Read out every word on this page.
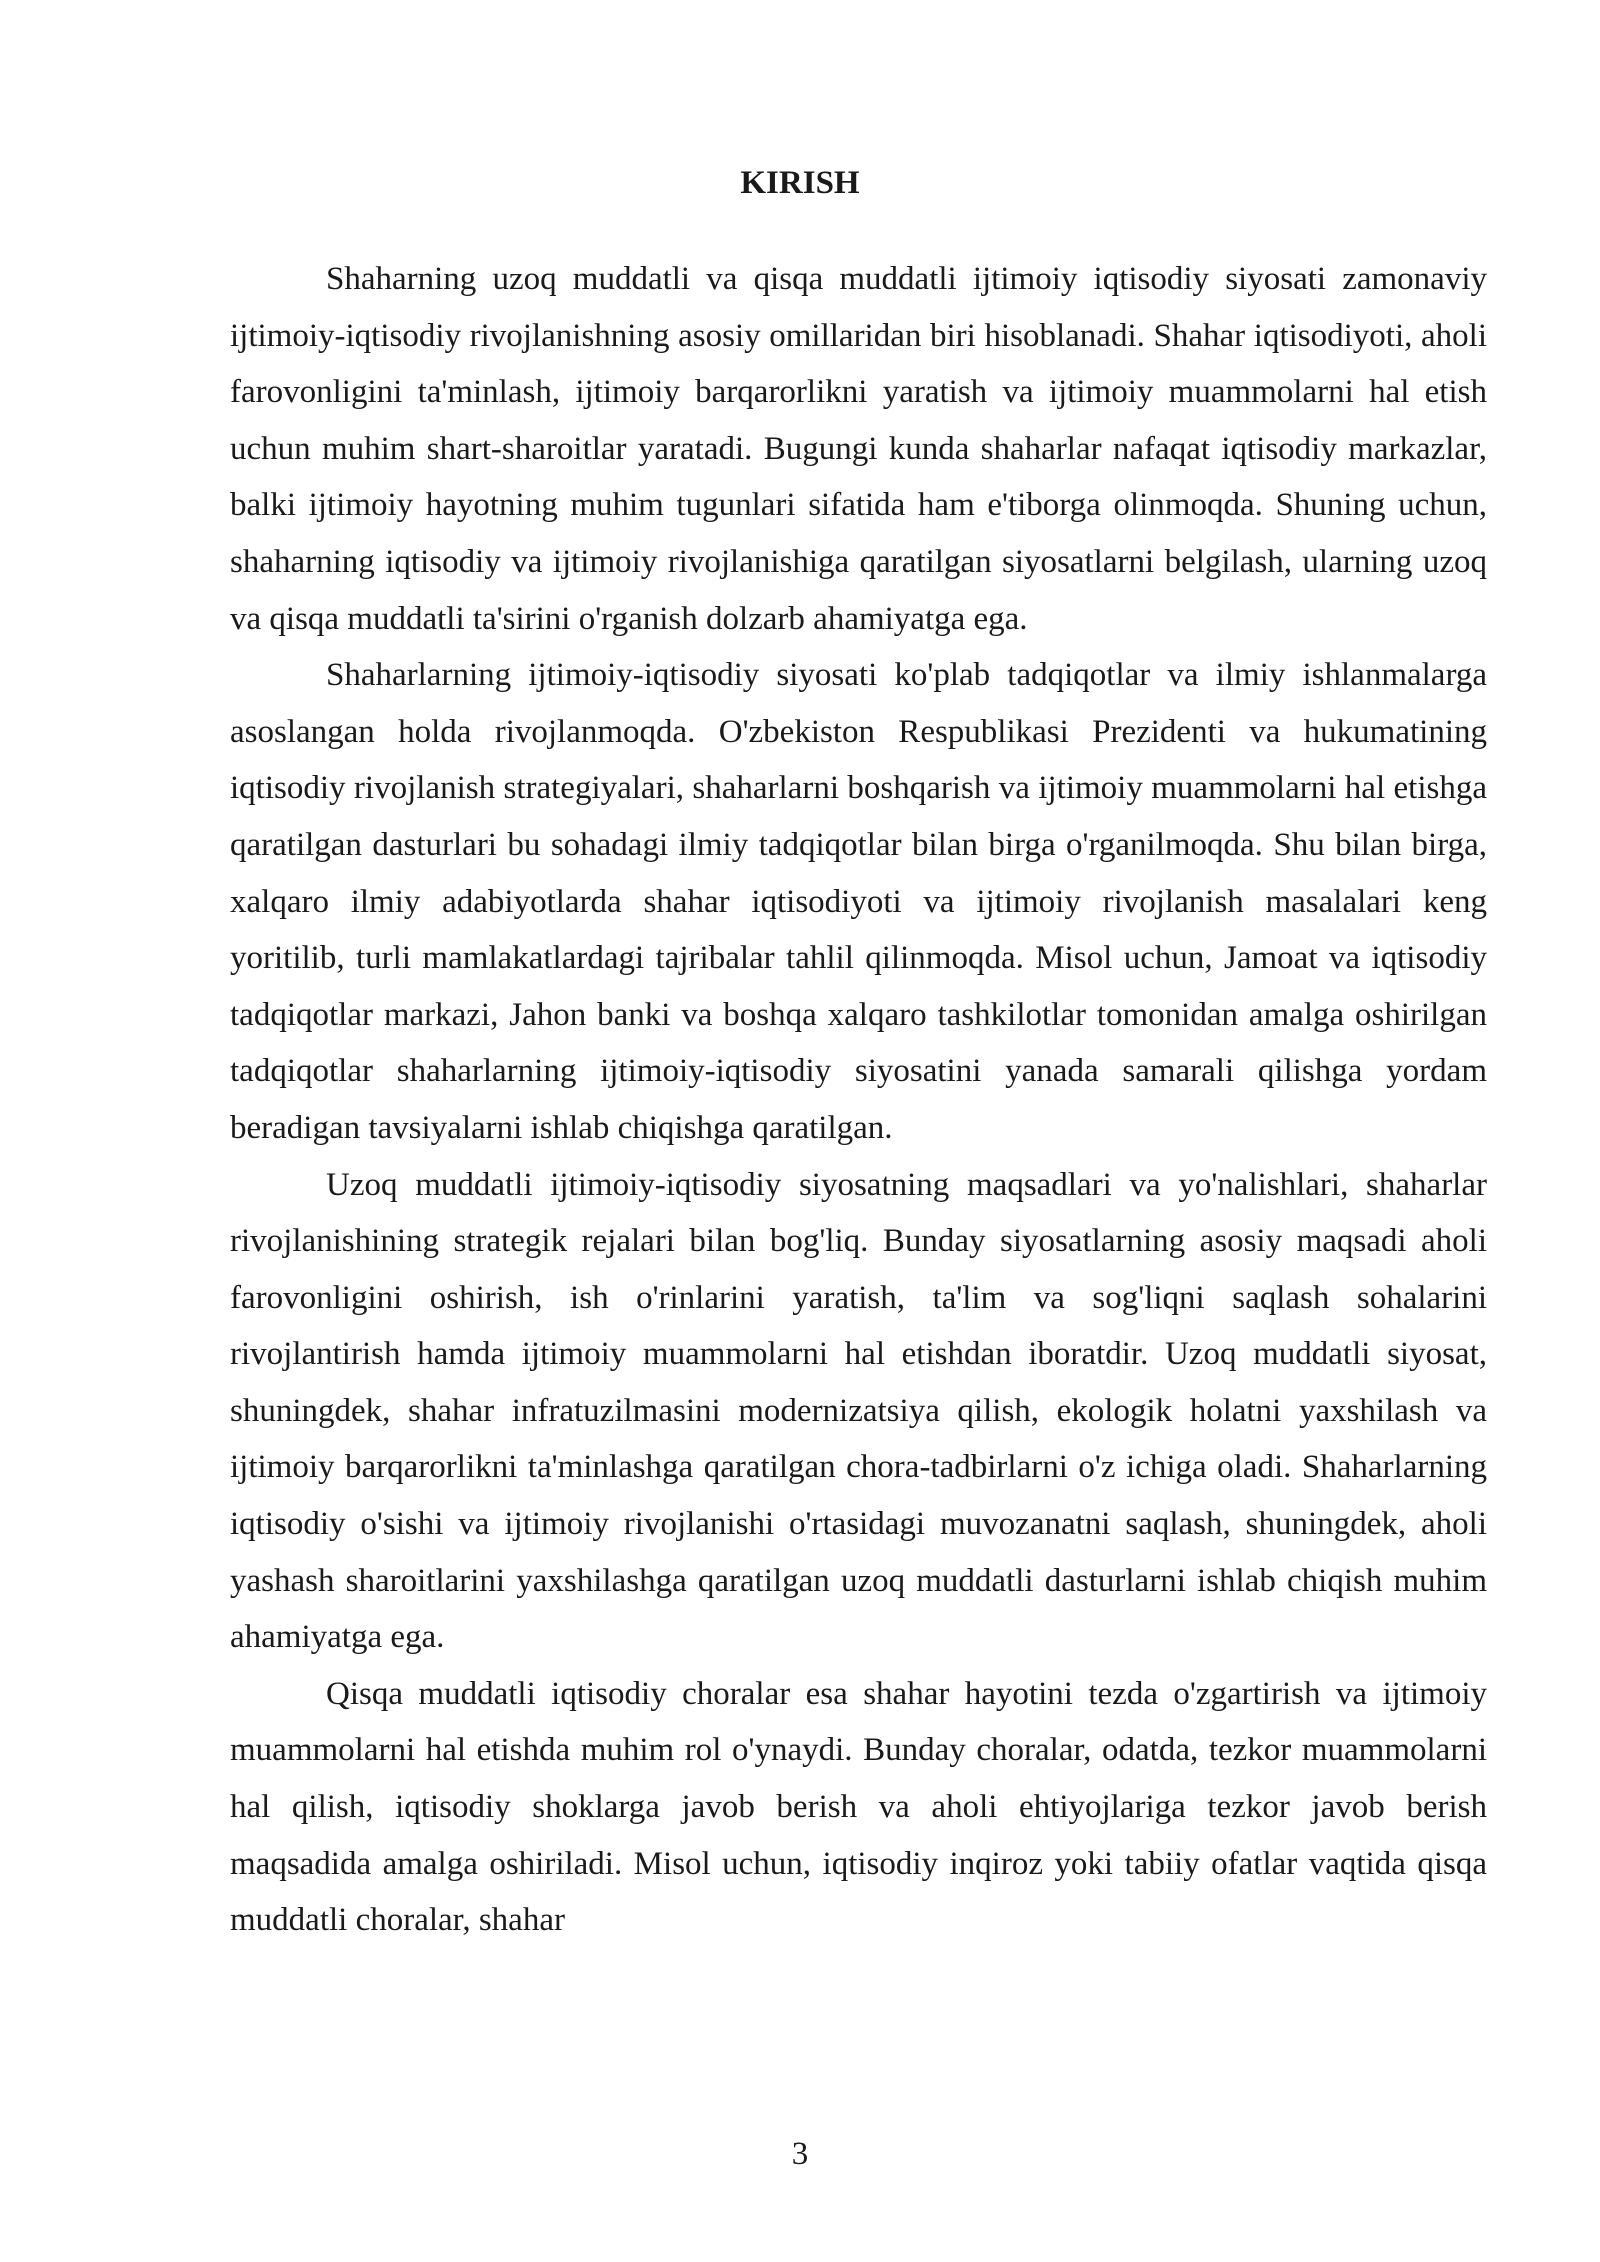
KIRISH

Shaharning uzoq muddatli va qisqa muddatli ijtimoiy iqtisodiy siyosati zamonaviy ijtimoiy-iqtisodiy rivojlanishning asosiy omillaridan biri hisoblanadi. Shahar iqtisodiyoti, aholi farovonligini ta'minlash, ijtimoiy barqarorlikni yaratish va ijtimoiy muammolarni hal etish uchun muhim shart-sharoitlar yaratadi. Bugungi kunda shaharlar nafaqat iqtisodiy markazlar, balki ijtimoiy hayotning muhim tugunlari sifatida ham e'tiborga olinmoqda. Shuning uchun, shaharning iqtisodiy va ijtimoiy rivojlanishiga qaratilgan siyosatlarni belgilash, ularning uzoq va qisqa muddatli ta'sirini o'rganish dolzarb ahamiyatga ega.

Shaharlarning ijtimoiy-iqtisodiy siyosati ko'plab tadqiqotlar va ilmiy ishlanmalarga asoslangan holda rivojlanmoqda. O'zbekiston Respublikasi Prezidenti va hukumatining iqtisodiy rivojlanish strategiyalari, shaharlarni boshqarish va ijtimoiy muammolarni hal etishga qaratilgan dasturlari bu sohadagi ilmiy tadqiqotlar bilan birga o'rganilmoqda. Shu bilan birga, xalqaro ilmiy adabiyotlarda shahar iqtisodiyoti va ijtimoiy rivojlanish masalalari keng yoritilib, turli mamlakatlardagi tajribalar tahlil qilinmoqda. Misol uchun, Jamoat va iqtisodiy tadqiqotlar markazi, Jahon banki va boshqa xalqaro tashkilotlar tomonidan amalga oshirilgan tadqiqotlar shaharlarning ijtimoiy-iqtisodiy siyosatini yanada samarali qilishga yordam beradigan tavsiyalarni ishlab chiqishga qaratilgan.

Uzoq muddatli ijtimoiy-iqtisodiy siyosatning maqsadlari va yo'nalishlari, shaharlar rivojlanishining strategik rejalari bilan bog'liq. Bunday siyosatlarning asosiy maqsadi aholi farovonligini oshirish, ish o'rinlarini yaratish, ta'lim va sog'liqni saqlash sohalarini rivojlantirish hamda ijtimoiy muammolarni hal etishdan iboratdir. Uzoq muddatli siyosat, shuningdek, shahar infratuzilmasini modernizatsiya qilish, ekologik holatni yaxshilash va ijtimoiy barqarorlikni ta'minlashga qaratilgan chora-tadbirlarni o'z ichiga oladi. Shaharlarning iqtisodiy o'sishi va ijtimoiy rivojlanishi o'rtasidagi muvozanatni saqlash, shuningdek, aholi yashash sharoitlarini yaxshilashga qaratilgan uzoq muddatli dasturlarni ishlab chiqish muhim ahamiyatga ega.

Qisqa muddatli iqtisodiy choralar esa shahar hayotini tezda o'zgartirish va ijtimoiy muammolarni hal etishda muhim rol o'ynaydi. Bunday choralar, odatda, tezkor muammolarni hal qilish, iqtisodiy shoklarga javob berish va aholi ehtiyojlariga tezkor javob berish maqsadida amalga oshiriladi. Misol uchun, iqtisodiy inqiroz yoki tabiiy ofatlar vaqtida qisqa muddatli choralar, shahar

3
